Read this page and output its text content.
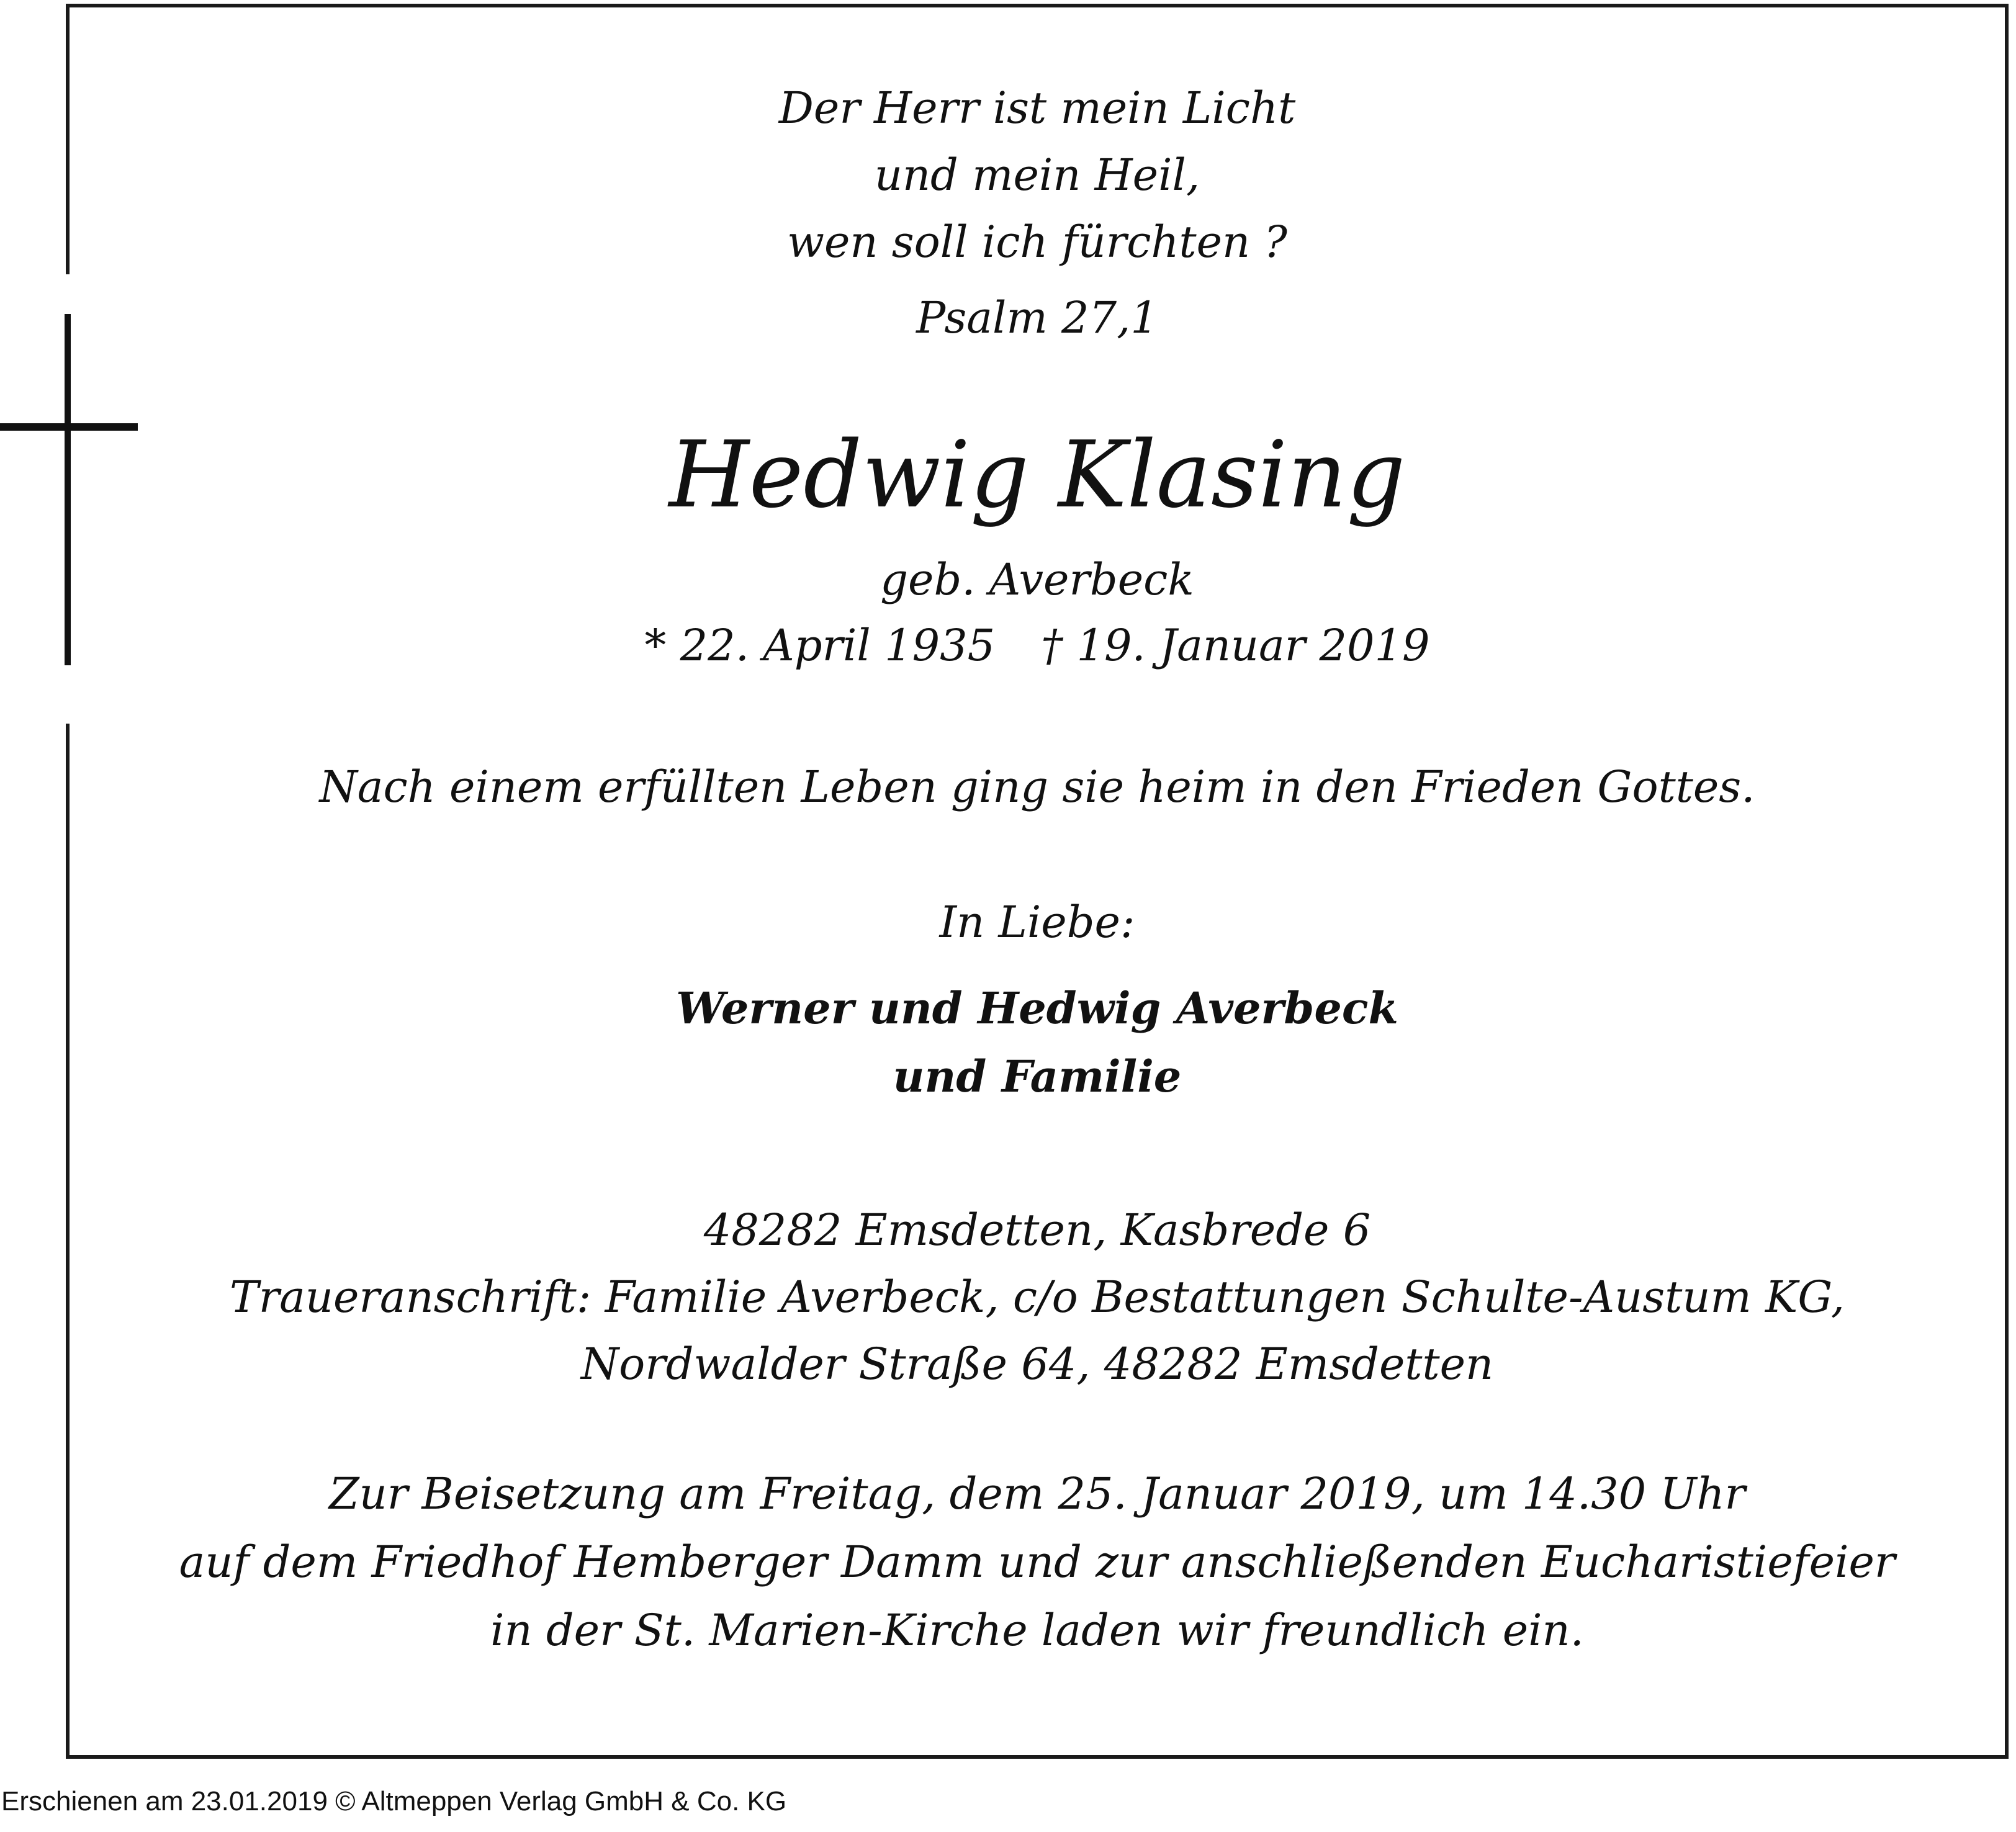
Der Herr ist mein Licht
und mein Heil,
wen soll ich fürchten ?
Psalm 27,1
Hedwig Klasing
geb. Averbeck
* 22. April 1935 † 19. Januar 2019
Nach einem erfüllten Leben ging sie heim in den Frieden Gottes.
In Liebe:
Werner und Hedwig Averbeck
und Familie
48282 Emsdetten, Kasbrede 6
Traueranschrift: Familie Averbeck, c/o Bestattungen Schulte-Austum KG,
Nordwalder Straße 64, 48282 Emsdetten
Zur Beisetzung am Freitag, dem 25. Januar 2019, um 14.30 Uhr
auf dem Friedhof Hemberger Damm und zur anschließenden Eucharistiefeier
in der St. Marien-Kirche laden wir freundlich ein.
Erschienen am 23.01.2019 © Altmeppen Verlag GmbH & Co. KG
